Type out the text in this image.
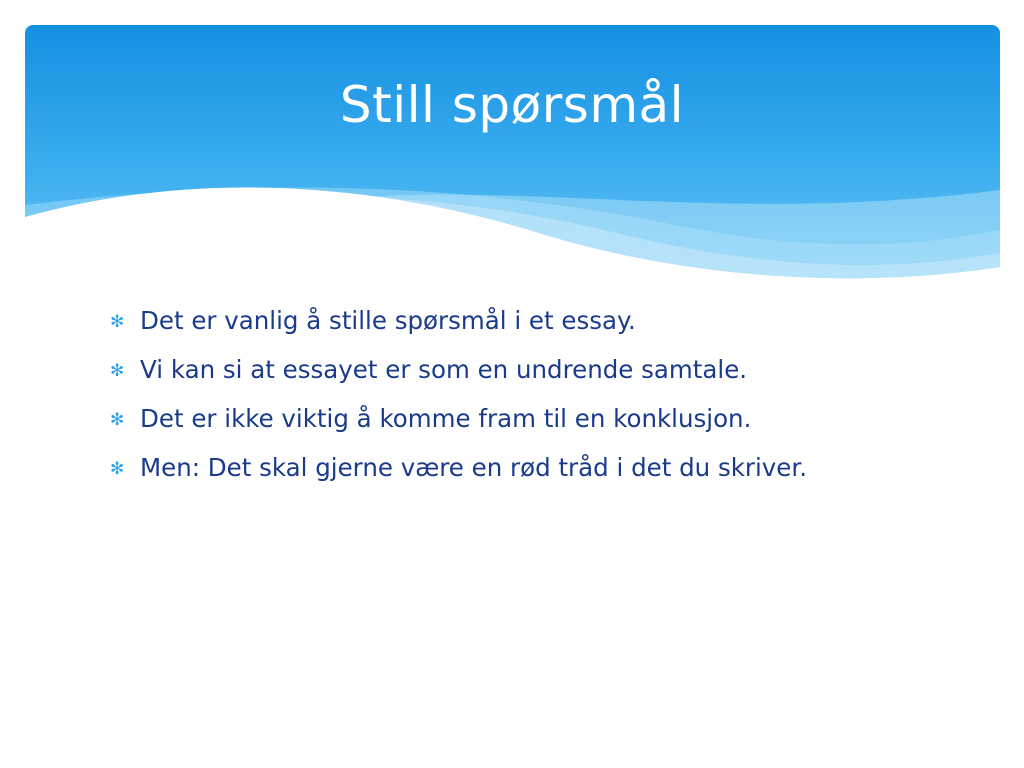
Still spørsmål
✻ Det er vanlig å stille spørsmål i et essay.
✻ Vi kan si at essayet er som en undrende samtale.
✻ Det er ikke viktig å komme fram til en konklusjon.
✻ Men: Det skal gjerne være en rød tråd i det du skriver.
